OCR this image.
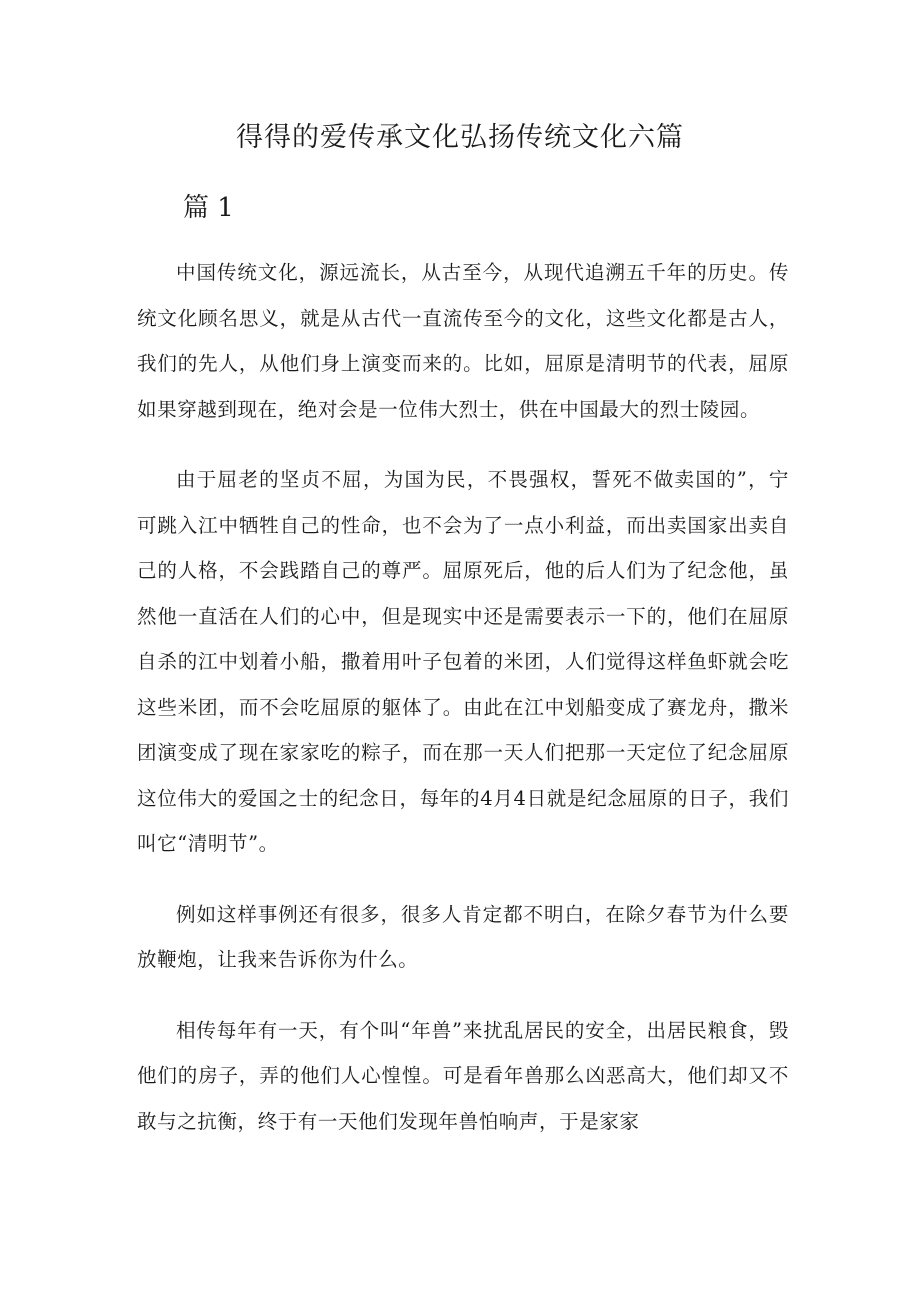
得得的爱传承文化弘扬传统文化六篇
篇 1

中国传统文化，源远流长，从古至今，从现代追溯五千年的历史。传统文化顾名思义，就是从古代一直流传至今的文化，这些文化都是古人，我们的先人，从他们身上演变而来的。比如，屈原是清明节的代表，屈原如果穿越到现在，绝对会是一位伟大烈士，供在中国最大的烈士陵园。

由于屈老的坚贞不屈，为国为民，不畏强权，誓死不做卖国的”，宁可跳入江中牺牲自己的性命，也不会为了一点小利益，而出卖国家出卖自己的人格，不会践踏自己的尊严。屈原死后，他的后人们为了纪念他，虽然他一直活在人们的心中，但是现实中还是需要表示一下的，他们在屈原自杀的江中划着小船，撒着用叶子包着的米团，人们觉得这样鱼虾就会吃这些米团，而不会吃屈原的躯体了。由此在江中划船变成了赛龙舟，撒米团演变成了现在家家吃的粽子，而在那一天人们把那一天定位了纪念屈原这位伟大的爱国之士的纪念日，每年的4月4日就是纪念屈原的日子，我们叫它“清明节”。

例如这样事例还有很多，很多人肯定都不明白，在除夕春节为什么要放鞭炮，让我来告诉你为什么。

相传每年有一天，有个叫“年兽”来扰乱居民的安全，出居民粮食，毁他们的房子，弄的他们人心惶惶。可是看年兽那么凶恶高大，他们却又不敢与之抗衡，终于有一天他们发现年兽怕响声，于是家家
